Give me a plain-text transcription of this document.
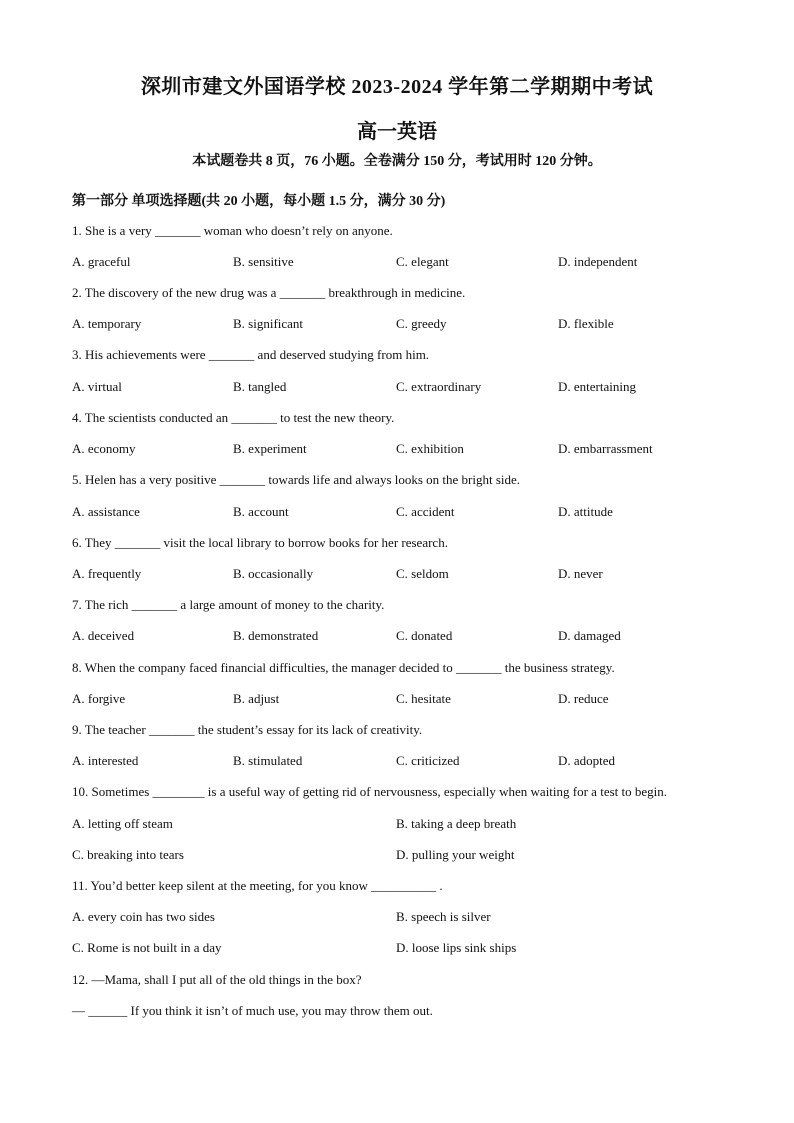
深圳市建文外国语学校 2023-2024 学年第二学期期中考试
高一英语
本试题卷共 8 页，76 小题。全卷满分 150 分，考试用时 120 分钟。
第一部分 单项选择题(共 20 小题，每小题 1.5 分，满分 30 分)
1. She is a very _______ woman who doesn’t rely on anyone.
A. graceful	B. sensitive	C. elegant	D. independent
2. The discovery of the new drug was a _______ breakthrough in medicine.
A. temporary	B. significant	C. greedy	D. flexible
3. His achievements were _______ and deserved studying from him.
A. virtual	B. tangled	C. extraordinary	D. entertaining
4. The scientists conducted an _______ to test the new theory.
A. economy	B. experiment	C. exhibition	D. embarrassment
5. Helen has a very positive _______ towards life and always looks on the bright side.
A. assistance	B. account	C. accident	D. attitude
6. They _______ visit the local library to borrow books for her research.
A. frequently	B. occasionally	C. seldom	D. never
7. The rich _______ a large amount of money to the charity.
A. deceived	B. demonstrated	C. donated	D. damaged
8. When the company faced financial difficulties, the manager decided to _______ the business strategy.
A. forgive	B. adjust	C. hesitate	D. reduce
9. The teacher _______ the student’s essay for its lack of creativity.
A. interested	B. stimulated	C. criticized	D. adopted
10. Sometimes ________ is a useful way of getting rid of nervousness, especially when waiting for a test to begin.
A. letting off steam	B. taking a deep breath
C. breaking into tears	D. pulling your weight
11. You’d better keep silent at the meeting, for you know __________ .
A. every coin has two sides	B. speech is silver
C. Rome is not built in a day	D. loose lips sink ships
12. —Mama, shall I put all of the old things in the box?
— ______ If you think it isn’t of much use, you may throw them out.
